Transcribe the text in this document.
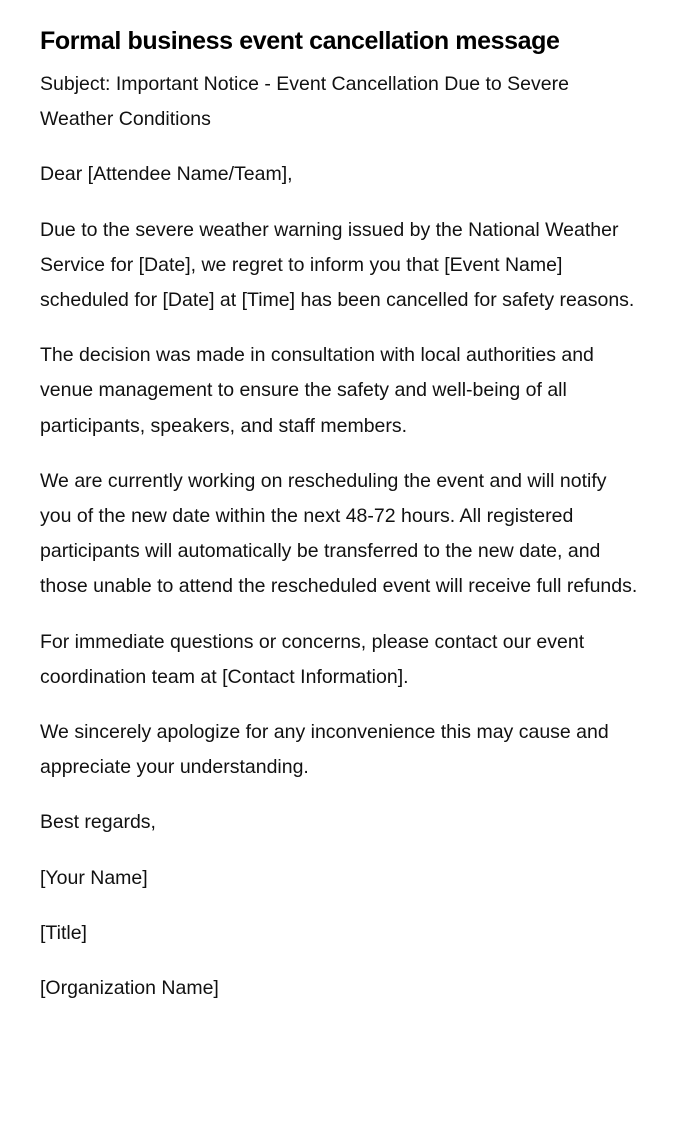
Formal business event cancellation message

Subject: Important Notice - Event Cancellation Due to Severe Weather Conditions

Dear [Attendee Name/Team],

Due to the severe weather warning issued by the National Weather Service for [Date], we regret to inform you that [Event Name] scheduled for [Date] at [Time] has been cancelled for safety reasons.

The decision was made in consultation with local authorities and venue management to ensure the safety and well-being of all participants, speakers, and staff members.

We are currently working on rescheduling the event and will notify you of the new date within the next 48-72 hours. All registered participants will automatically be transferred to the new date, and those unable to attend the rescheduled event will receive full refunds.

For immediate questions or concerns, please contact our event coordination team at [Contact Information].

We sincerely apologize for any inconvenience this may cause and appreciate your understanding.

Best regards,

[Your Name]

[Title]

[Organization Name]
